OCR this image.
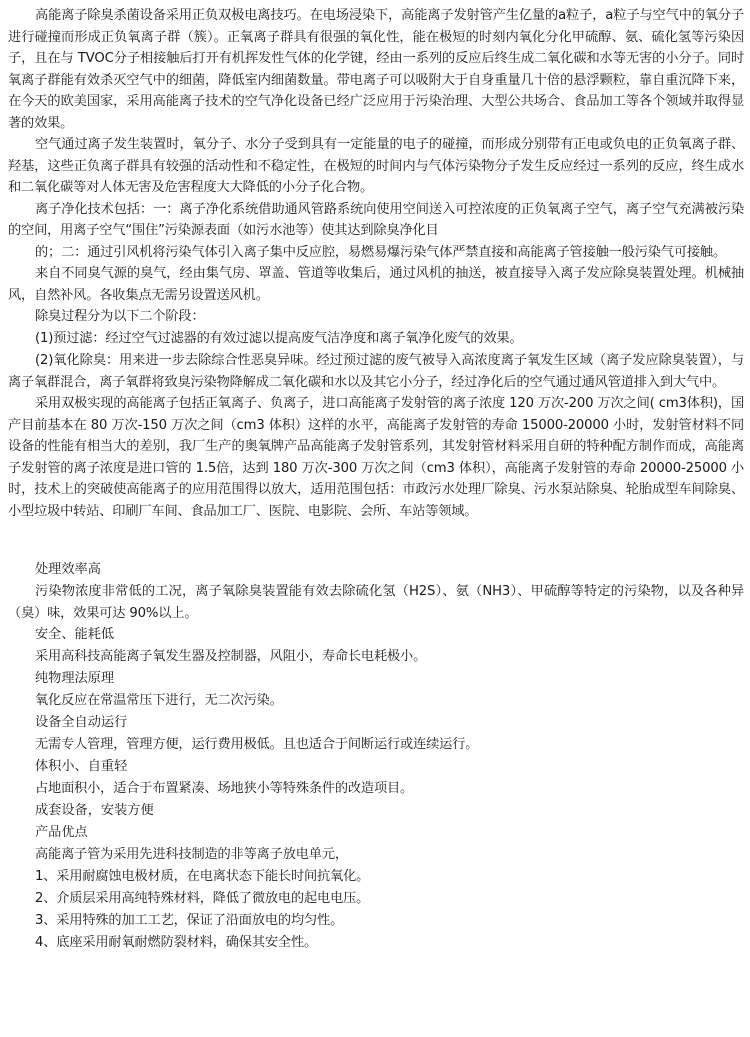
高能离子除臭杀菌设备采用正负双极电离技巧。在电场浸染下，高能离子发射管产生亿量的a粒子，a粒子与空气中的氧分子进行碰撞而形成正负氧离子群（簇）。正氧离子群具有很强的氧化性，能在极短的时刻内氧化分化甲硫醇、氨、硫化氢等污染因子，且在与 TVOC分子相接触后打开有机挥发性气体的化学键，经由一系列的反应后终生成二氧化碳和水等无害的小分子。同时氧离子群能有效杀灭空气中的细菌，降低室内细菌数量。带电离子可以吸附大于自身重量几十倍的悬浮颗粒，靠自重沉降下来，在今天的欧美国家，采用高能离子技术的空气净化设备已经广泛应用于污染治理、大型公共场合、食品加工等各个领域并取得显著的效果。

空气通过离子发生装置时，氧分子、水分子受到具有一定能量的电子的碰撞，而形成分别带有正电或负电的正负氧离子群、羟基，这些正负离子群具有较强的活动性和不稳定性，在极短的时间内与气体污染物分子发生反应经过一系列的反应，终生成水和二氧化碳等对人体无害及危害程度大大降低的小分子化合物。

离子净化技术包括：一：离子净化系统借助通风管路系统向使用空间送入可控浓度的正负氧离子空气，离子空气充满被污染的空间，用离子空气“围住”污染源表面（如污水池等）使其达到除臭净化目

的；二：通过引风机将污染气体引入离子集中反应腔，易燃易爆污染气体严禁直接和高能离子管接触一般污染气可接触。

来自不同臭气源的臭气，经由集气房、罩盖、管道等收集后，通过风机的抽送，被直接导入离子发应除臭装置处理。机械抽风，自然补风。各收集点无需另设置送风机。

除臭过程分为以下二个阶段：

(1)预过滤：经过空气过滤器的有效过滤以提高废气洁净度和离子氧净化废气的效果。

(2)氧化除臭：用来进一步去除综合性恶臭异味。经过预过滤的废气被导入高浓度离子氧发生区域（离子发应除臭装置），与离子氧群混合，离子氧群将致臭污染物降解成二氧化碳和水以及其它小分子，经过净化后的空气通过通风管道排入到大气中。

采用双极实现的高能离子包括正氧离子、负离子，进口高能离子发射管的离子浓度 120 万次-200 万次之间( cm3体积)，国产目前基本在 80 万次-150 万次之间（cm3 体积）这样的水平，高能离子发射管的寿命 15000-20000 小时，发射管材料不同设备的性能有相当大的差别，我厂生产的奥氧牌产品高能离子发射管系列，其发射管材料采用自研的特种配方制作而成，高能离子发射管的离子浓度是进口管的 1.5倍，达到 180 万次-300 万次之间（cm3 体积），高能离子发射管的寿命 20000-25000 小时，技术上的突破使高能离子的应用范围得以放大，适用范围包括：市政污水处理厂除臭、污水泵站除臭、轮胎成型车间除臭、小型垃圾中转站、印刷厂车间、食品加工厂、医院、电影院、会所、车站等领域。

处理效率高

污染物浓度非常低的工况，离子氧除臭装置能有效去除硫化氢（H2S）、氨（NH3）、甲硫醇等特定的污染物，以及各种异（臭）味，效果可达 90%以上。

安全、能耗低

采用高科技高能离子氧发生器及控制器，风阻小，寿命长电耗极小。

纯物理法原理

氧化反应在常温常压下进行，无二次污染。

设备全自动运行

无需专人管理，管理方便，运行费用极低。且也适合于间断运行或连续运行。

体积小、自重轻

占地面积小，适合于布置紧凑、场地狭小等特殊条件的改造项目。

成套设备，安装方便

产品优点

高能离子管为采用先进科技制造的非等离子放电单元，

1、采用耐腐蚀电极材质，在电离状态下能长时间抗氧化。

2、介质层采用高纯特殊材料，降低了微放电的起电电压。

3、采用特殊的加工工艺，保证了沿面放电的均匀性。

4、底座采用耐氧耐燃防裂材料，确保其安全性。
